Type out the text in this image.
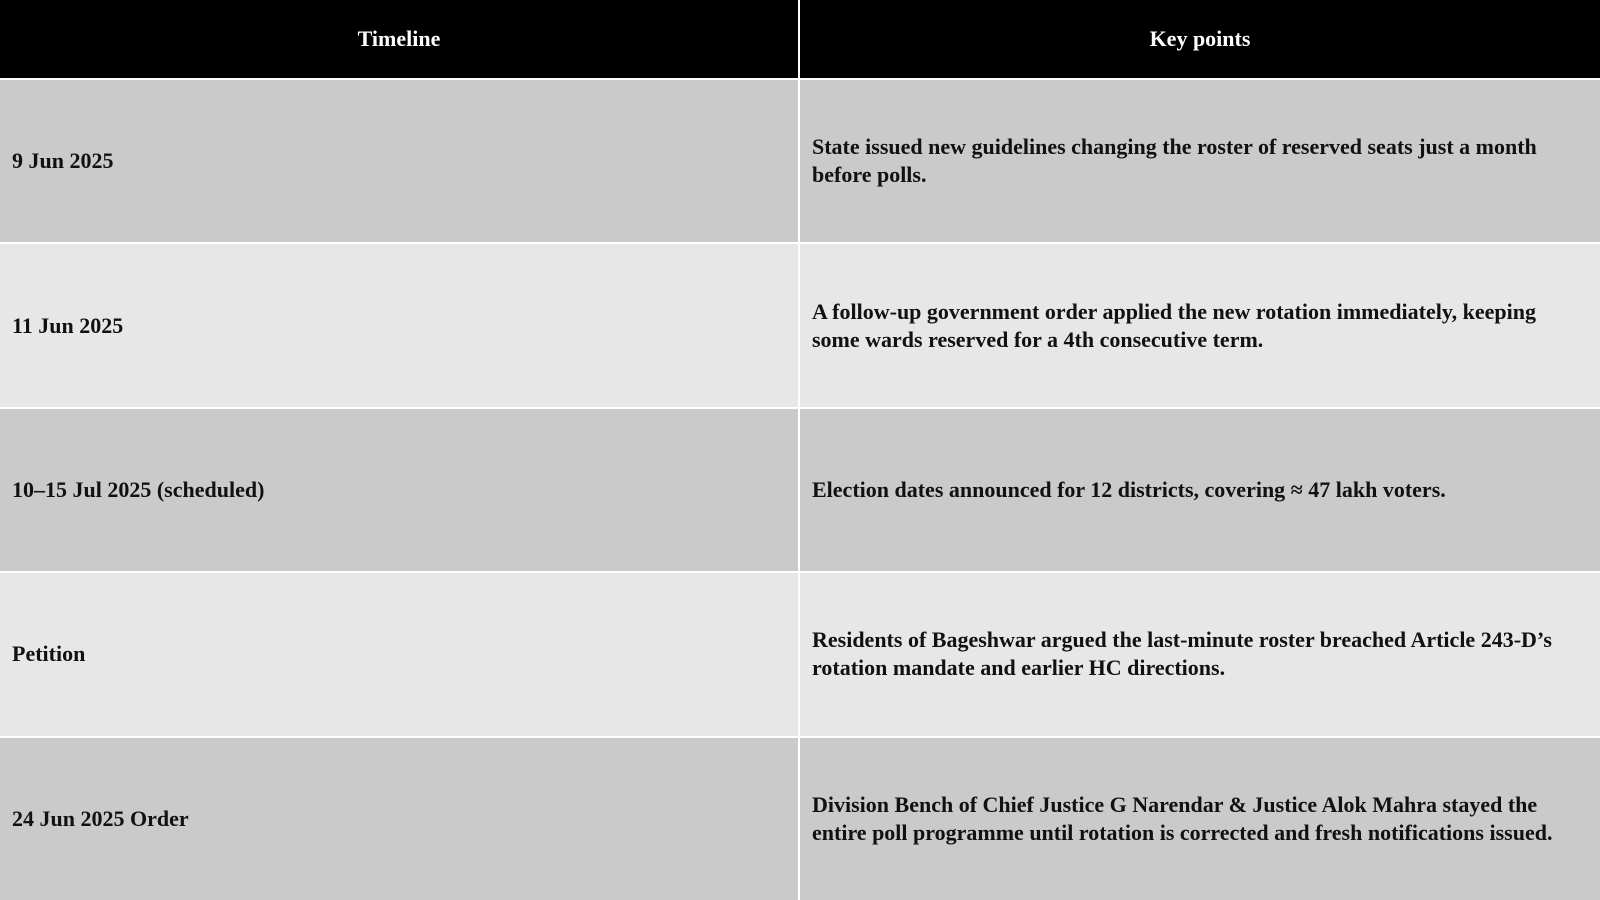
Timeline	Key points
9 Jun 2025
State issued new guidelines changing the roster of reserved seats just a month before polls.
11 Jun 2025
A follow-up government order applied the new rotation immediately, keeping some wards reserved for a 4th consecutive term.
10–15 Jul 2025 (scheduled)	Election dates announced for 12 districts, covering ≈ 47 lakh voters.
Petition
Residents of Bageshwar argued the last-minute roster breached Article 243-D’s rotation mandate and earlier HC directions.
24 Jun 2025 Order
Division Bench of Chief Justice G Narendar & Justice Alok Mahra stayed the entire poll programme until rotation is corrected and fresh notifications issued.
